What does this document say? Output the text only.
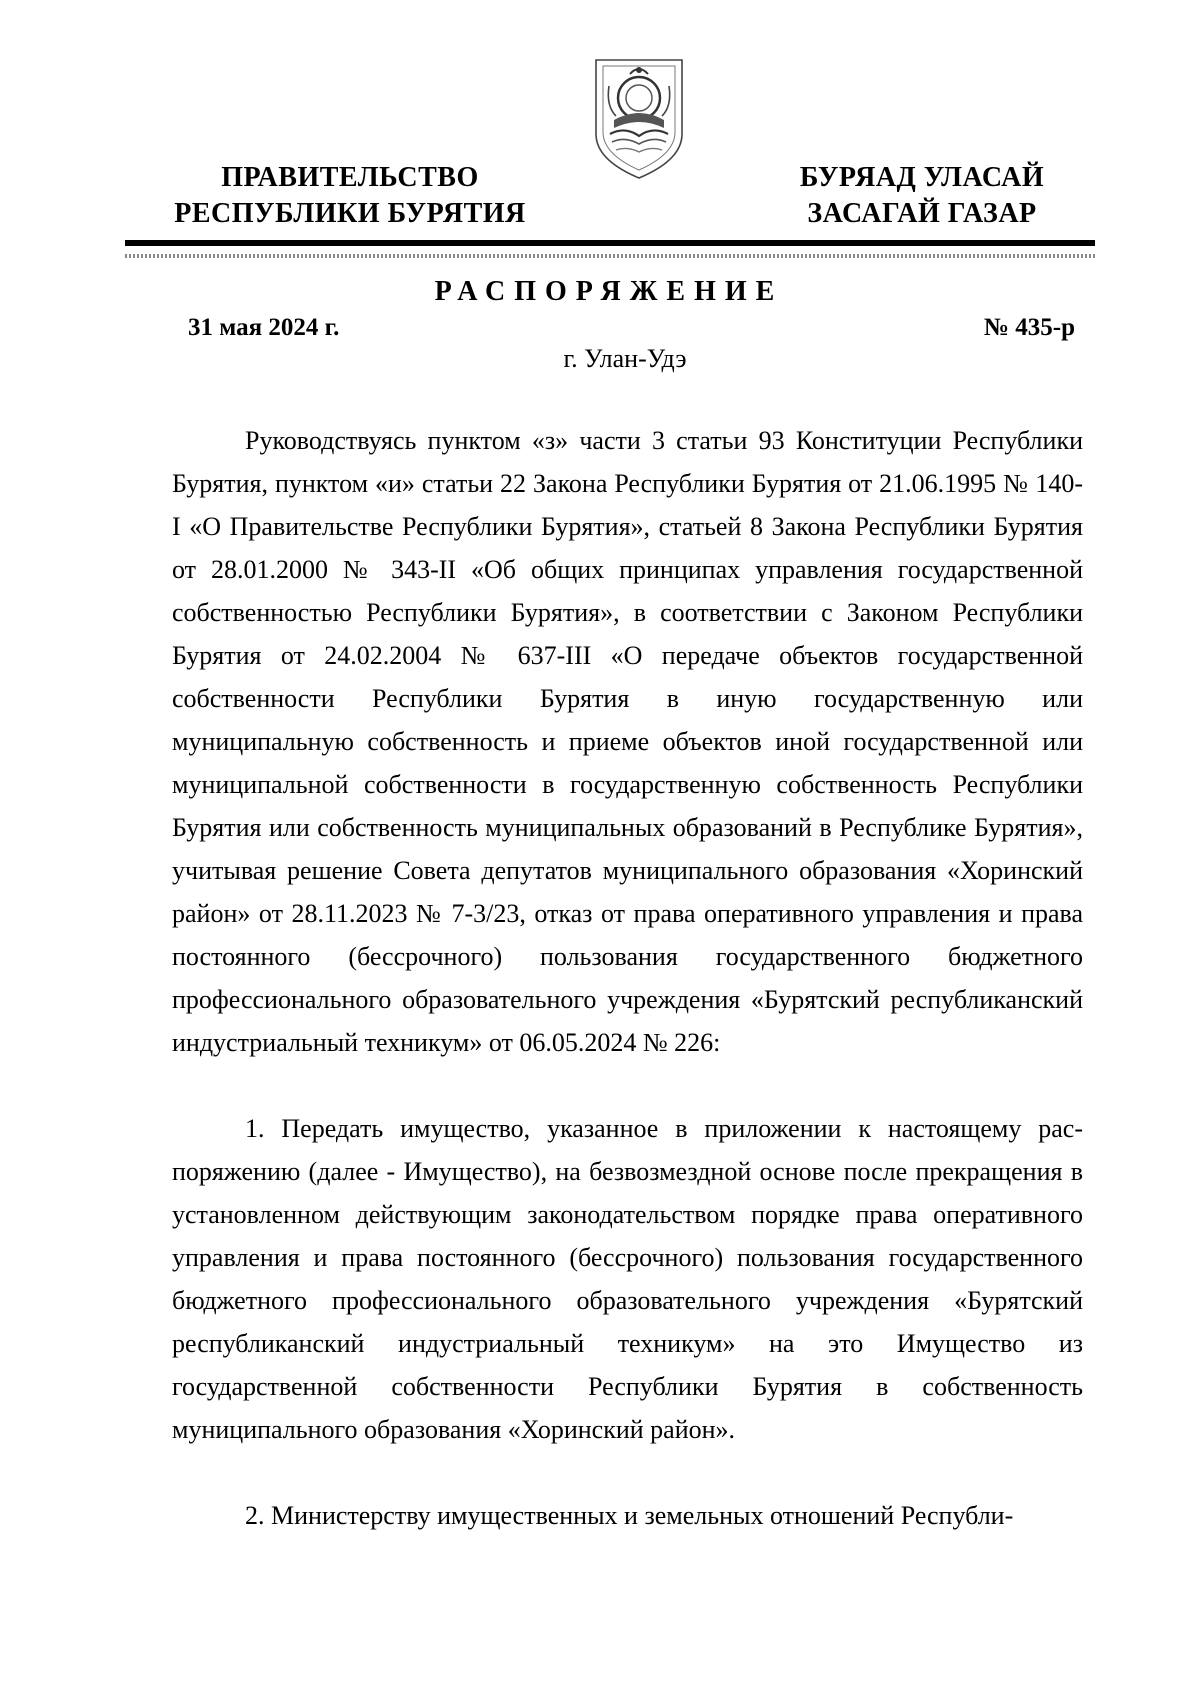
ПРАВИТЕЛЬСТВО
РЕСПУБЛИКИ БУРЯТИЯ
БУРЯАД УЛАСАЙ
ЗАСАГАЙ ГАЗАР
РАСПОРЯЖЕНИЕ
31 мая 2024 г.	№ 435-р
г. Улан-Удэ

Руководствуясь пунктом «з» части 3 статьи 93 Конституции Республики Бурятия, пунктом «и» статьи 22 Закона Республики Бурятия от 21.06.1995 № 140-I «О Правительстве Республики Бурятия», статьей 8 Закона Республики Бурятия от 28.01.2000 № 343-II «Об общих принципах управления государственной собственностью Республики Бурятия», в соответствии с Законом Республики Бурятия от 24.02.2004 № 637-III «О передаче объектов государственной собственности Республики Бурятия в иную государственную или муниципальную собственность и приеме объектов иной государственной или муниципальной собственности в государственную собственность Республики Бурятия или собственность муниципальных образований в Республике Бурятия», учитывая решение Совета депутатов муниципального образования «Хоринский район» от 28.11.2023 № 7-3/23, отказ от права оперативного управления и права постоянного (бессрочного) пользования государственного бюджетного профессионального образовательного учреждения «Бурятский республиканский индустриальный техникум» от 06.05.2024 № 226:

1. Передать имущество, указанное в приложении к настоящему распоряжению (далее - Имущество), на безвозмездной основе после прекращения в установленном действующим законодательством порядке права оперативного управления и права постоянного (бессрочного) пользования государственного бюджетного профессионального образовательного учреждения «Бурятский республиканский индустриальный техникум» на это Имущество из государственной собственности Республики Бурятия в собственность муниципального образования «Хоринский район».

2. Министерству имущественных и земельных отношений Республи-
